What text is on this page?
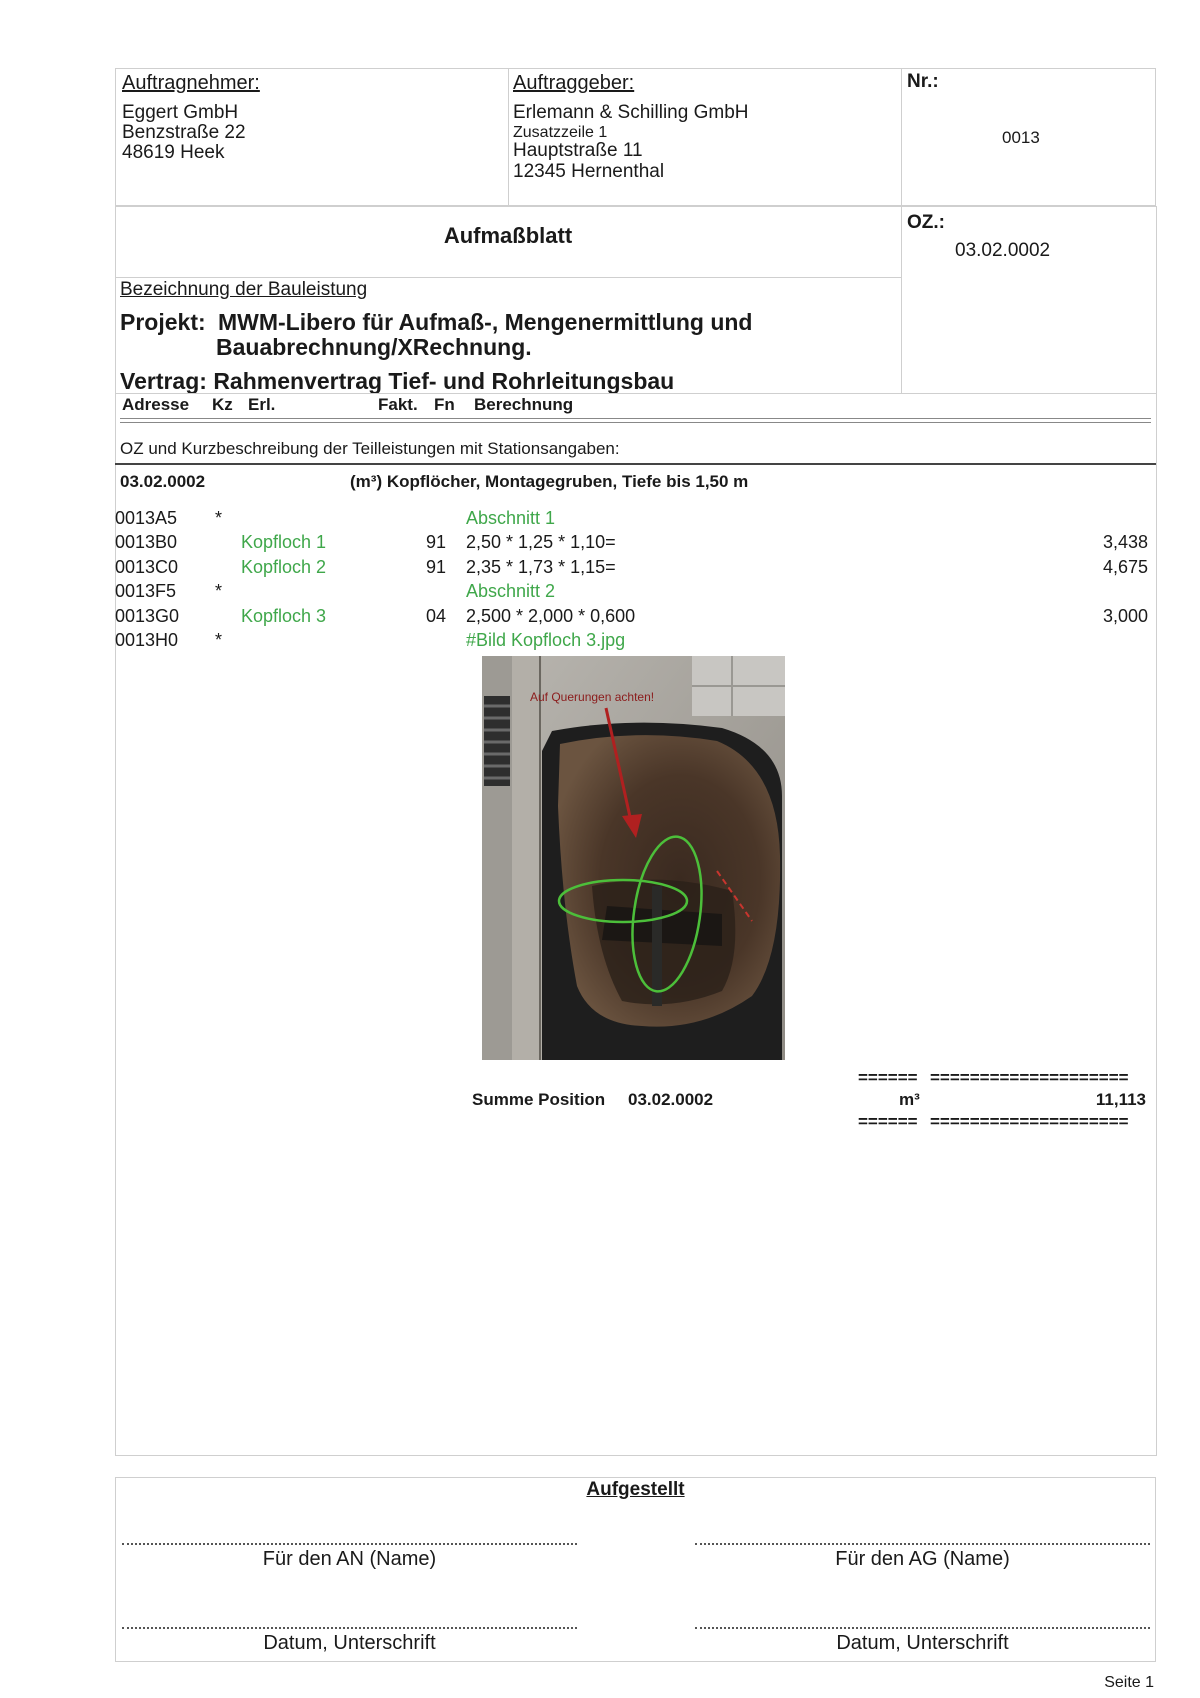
Auftragnehmer:
Eggert GmbH
Benzstraße 22
48619 Heek
Auftraggeber:
Erlemann & Schilling GmbH
Zusatzzeile 1
Hauptstraße 11
12345 Hernenthal
Nr.:
0013
Aufmaßblatt
OZ.:
03.02.0002
Bezeichnung der Bauleistung
Projekt: MWM-Libero für Aufmaß-, Mengenermittlung und
Bauabrechnung/XRechnung.
Vertrag: Rahmenvertrag Tief- und Rohrleitungsbau
Adresse Kz Erl.	Fakt. Fn Berechnung
OZ und Kurzbeschreibung der Teilleistungen mit Stationsangaben:
03.02.0002	(m³) Kopflöcher, Montagegruben, Tiefe bis 1,50 m
0013A5 *	Abschnitt 1
0013B0	Kopfloch 1	91 2,50 * 1,25 * 1,10=	3,438
0013C0	Kopfloch 2	91 2,35 * 1,73 * 1,15=	4,675
0013F5 *	Abschnitt 2
0013G0	Kopfloch 3	04 2,500 * 2,000 * 0,600	3,000
0013H0 *	#Bild Kopfloch 3.jpg
Auf Querungen achten!
====== ====================
Summe Position 03.02.0002	m³	11,113
====== ====================
Aufgestellt
Für den AN (Name)	Für den AG (Name)
Datum, Unterschrift	Datum, Unterschrift
Seite 1
